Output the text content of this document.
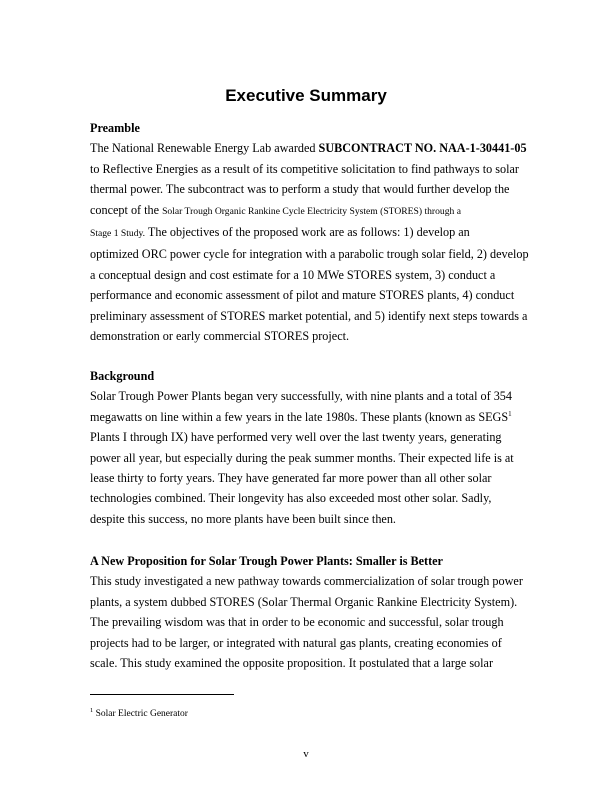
Executive Summary
Preamble

The National Renewable Energy Lab awarded SUBCONTRACT NO. NAA-1-30441-05
to Reflective Energies as a result of its competitive solicitation to find pathways to solar
thermal power. The subcontract was to perform a study that would further develop the
concept of the Solar Trough Organic Rankine Cycle Electricity System (STORES) through a
Stage 1 Study. The objectives of the proposed work are as follows: 1) develop an
optimized ORC power cycle for integration with a parabolic trough solar field, 2) develop
a conceptual design and cost estimate for a 10 MWe STORES system, 3) conduct a
performance and economic assessment of pilot and mature STORES plants, 4) conduct
preliminary assessment of STORES market potential, and 5) identify next steps towards a
demonstration or early commercial STORES project.

Background

Solar Trough Power Plants began very successfully, with nine plants and a total of 354
megawatts on line within a few years in the late 1980s. These plants (known as SEGS$^1$
Plants I through IX) have performed very well over the last twenty years, generating
power all year, but especially during the peak summer months. Their expected life is at
lease thirty to forty years. They have generated far more power than all other solar
technologies combined. Their longevity has also exceeded most other solar. Sadly,
despite this success, no more plants have been built since then.

A New Proposition for Solar Trough Power Plants: Smaller is Better

This study investigated a new pathway towards commercialization of solar trough power
plants, a system dubbed STORES (Solar Thermal Organic Rankine Electricity System).
The prevailing wisdom was that in order to be economic and successful, solar trough
projects had to be larger, or integrated with natural gas plants, creating economies of
scale. This study examined the opposite proposition. It postulated that a large solar

$^1$ Solar Electric Generator
v
